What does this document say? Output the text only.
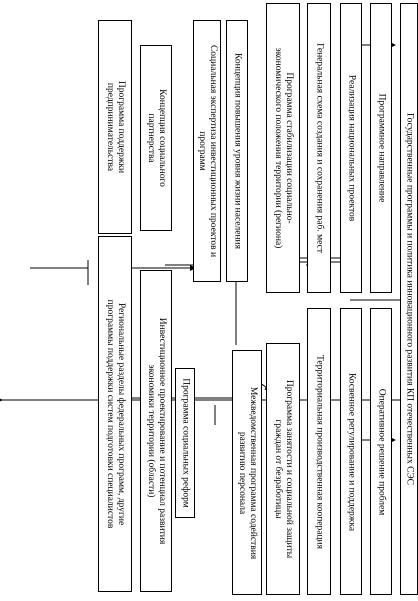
Государственные программы и политика инновационного развития КП отечественных СЭС
Программное направление
Оперативное решение проблем
Реализация национальных проектов
Косвенное регулирование и поддержка
Генеральная схема создания и сохранения раб. мест
Территориальная производственная кооперация
Программа стабилизации социально-
экономического положения территории (региона)
Программа занятости и социальной защиты
граждан от безработицы
Межведомственная программа содействия
развитию персонала
Концепция повышения уровня жизни населения
Социальная экспертиза инвестиционных проектов и
программ
Программа социальных реформ
Инвестиционное проектирование и потенциал развития
экономики территории (области)
Концепция социального
партнерства
Региональные разделы федеральных программ, другие
программы поддержки систем подготовки специалистов
Программа поддержки
предпринимательства
